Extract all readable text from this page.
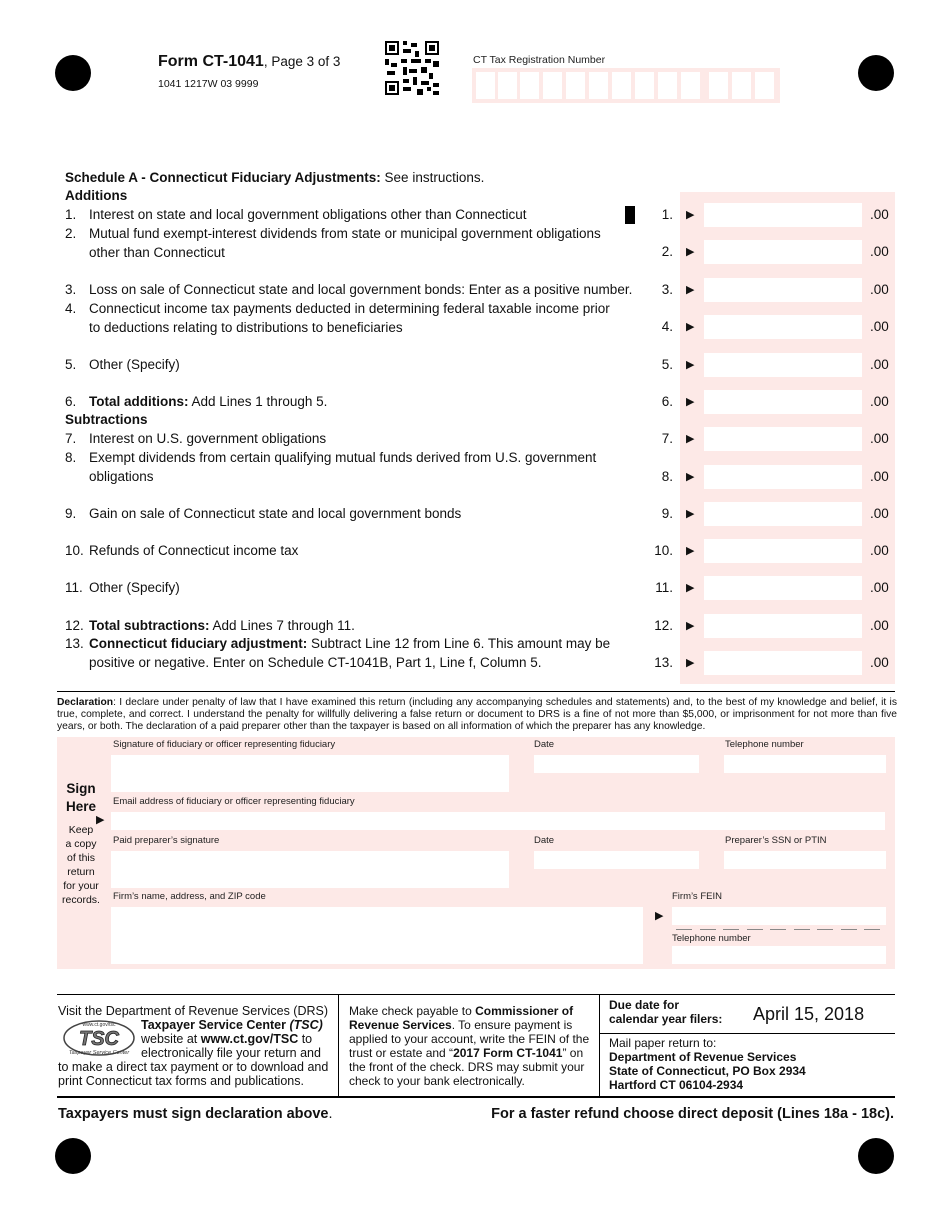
Form CT-1041, Page 3 of 3
1041 1217W 03 9999
CT Tax Registration Number
Schedule A - Connecticut Fiduciary Adjustments: See instructions.
Additions
Subtractions
1. Interest on state and local government obligations other than Connecticut	1. ▶	.00
2. Mutual fund exempt-interest dividends from state or municipal government obligations
other than Connecticut	2. ▶	.00
3. Loss on sale of Connecticut state and local government bonds: Enter as a positive number.	3. ▶	.00
4. Connecticut income tax payments deducted in determining federal taxable income prior
to deductions relating to distributions to beneficiaries	4. ▶	.00
5. Other (Specify)	5. ▶	.00
6. Total additions: Add Lines 1 through 5.	6. ▶	.00
7. Interest on U.S. government obligations	7. ▶	.00
8. Exempt dividends from certain qualifying mutual funds derived from U.S. government
obligations	8. ▶	.00
9. Gain on sale of Connecticut state and local government bonds	9. ▶	.00
10. Refunds of Connecticut income tax	10. ▶	.00
11. Other (Specify)	11. ▶	.00
12. Total subtractions: Add Lines 7 through 11.	12. ▶	.00
13. Connecticut fiduciary adjustment: Subtract Line 12 from Line 6. This amount may be
positive or negative. Enter on Schedule CT-1041B, Part 1, Line f, Column 5.	13. ▶	.00
Declaration: I declare under penalty of law that I have examined this return (including any accompanying schedules and statements) and, to the best of my knowledge and belief, it is true, complete, and correct. I understand the penalty for willfully delivering a false return or document to DRS is a fine of not more than $5,000, or imprisonment for not more than five years, or both. The declaration of a paid preparer other than the taxpayer is based on all information of which the preparer has any knowledge.
Sign
Here
▶
Keep
a copy
of this
return
for your
records.
Signature of fiduciary or officer representing fiduciary	Date	Telephone number
Email address of fiduciary or officer representing fiduciary
Paid preparer’s signature	Date	Preparer’s SSN or PTIN
Firm’s name, address, and ZIP code
▶
Firm’s FEIN
Telephone number
Visit the Department of Revenue Services (DRS)
Taxpayer Service Center (TSC)
website at www.ct.gov/TSC to
electronically file your return and
to make a direct tax payment or to download and
print Connecticut tax forms and publications.
www.ct.gov/tsc
TSC
Taxpayer Service Center
Make check payable to Commissioner of
Revenue Services. To ensure payment is
applied to your account, write the FEIN of the
trust or estate and “2017 Form CT-1041” on
the front of the check. DRS may submit your
check to your bank electronically.
Due date for
calendar year filers: April 15, 2018
Mail paper return to:
Department of Revenue Services
State of Connecticut, PO Box 2934
Hartford CT 06104-2934
Taxpayers must sign declaration above.	For a faster refund choose direct deposit (Lines 18a - 18c).
